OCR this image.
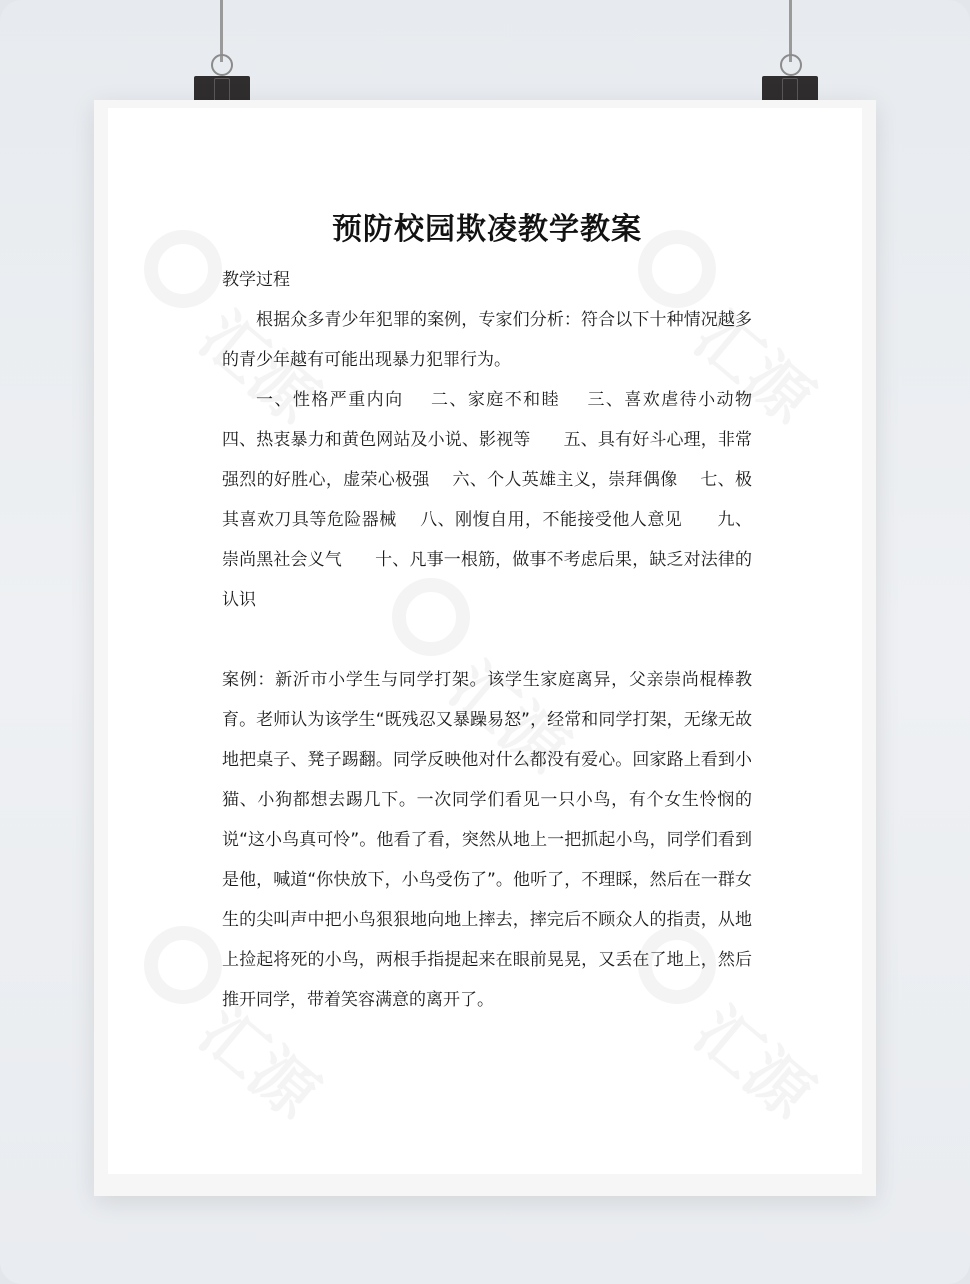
预防校园欺凌教学教案

教学过程

根据众多青少年犯罪的案例，专家们分析：符合以下十种情况越多的青少年越有可能出现暴力犯罪行为。

一、性格严重内向    二、家庭不和睦    三、喜欢虐待小动物    四、热衷暴力和黄色网站及小说、影视等      五、具有好斗心理，非常强烈的好胜心，虚荣心极强    六、个人英雄主义，崇拜偶像    七、极其喜欢刀具等危险器械    八、刚愎自用，不能接受他人意见      九、崇尚黑社会义气      十、凡事一根筋，做事不考虑后果，缺乏对法律的认识

案例：新沂市小学生与同学打架。该学生家庭离异，父亲崇尚棍棒教育。老师认为该学生“既残忍又暴躁易怒”，经常和同学打架，无缘无故地把桌子、凳子踢翻。同学反映他对什么都没有爱心。回家路上看到小猫、小狗都想去踢几下。一次同学们看见一只小鸟，有个女生怜悯的说“这小鸟真可怜”。他看了看，突然从地上一把抓起小鸟，同学们看到是他，喊道“你快放下，小鸟受伤了”。他听了，不理睬，然后在一群女生的尖叫声中把小鸟狠狠地向地上摔去，摔完后不顾众人的指责，从地上捡起将死的小鸟，两根手指提起来在眼前晃晃，又丢在了地上，然后推开同学，带着笑容满意的离开了。
